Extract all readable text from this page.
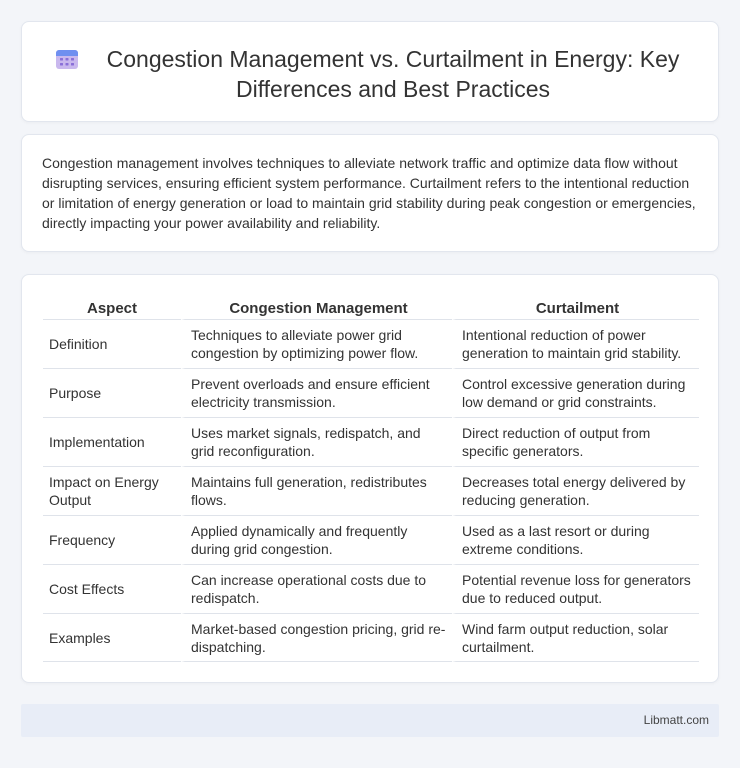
Congestion Management vs. Curtailment in Energy: Key Differences and Best Practices

Congestion management involves techniques to alleviate network traffic and optimize data flow without disrupting services, ensuring efficient system performance. Curtailment refers to the intentional reduction or limitation of energy generation or load to maintain grid stability during peak congestion or emergencies, directly impacting your power availability and reliability.

Aspect	Congestion Management	Curtailment
Definition	Techniques to alleviate power grid congestion by optimizing power flow.	Intentional reduction of power generation to maintain grid stability.
Purpose	Prevent overloads and ensure efficient electricity transmission.	Control excessive generation during low demand or grid constraints.
Implementation	Uses market signals, redispatch, and grid reconfiguration.	Direct reduction of output from specific generators.
Impact on Energy Output	Maintains full generation, redistributes flows.	Decreases total energy delivered by reducing generation.
Frequency	Applied dynamically and frequently during grid congestion.	Used as a last resort or during extreme conditions.
Cost Effects	Can increase operational costs due to redispatch.	Potential revenue loss for generators due to reduced output.
Examples	Market-based congestion pricing, grid re-dispatching.	Wind farm output reduction, solar curtailment.
Libmatt.com
